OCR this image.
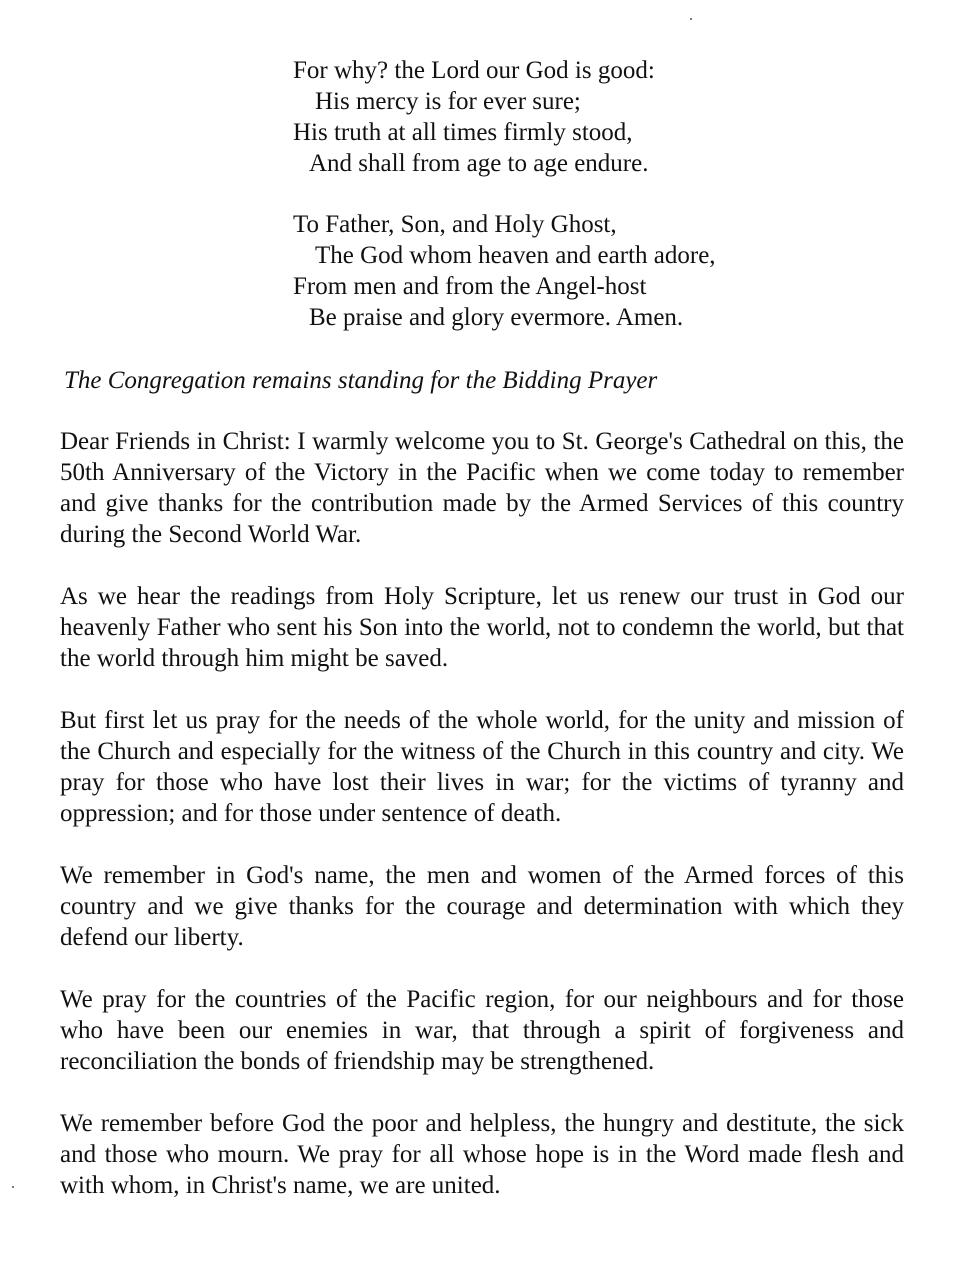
For why? the Lord our God is good:
His mercy is for ever sure;
His truth at all times firmly stood,
And shall from age to age endure.
To Father, Son, and Holy Ghost,
The God whom heaven and earth adore,
From men and from the Angel-host
Be praise and glory evermore. Amen.
The Congregation remains standing for the Bidding Prayer

Dear Friends in Christ: I warmly welcome you to St. George's Cathedral on this, the 50th Anniversary of the Victory in the Pacific when we come today to remember and give thanks for the contribution made by the Armed Services of this country during the Second World War.

As we hear the readings from Holy Scripture, let us renew our trust in God our heavenly Father who sent his Son into the world, not to condemn the world, but that the world through him might be saved.

But first let us pray for the needs of the whole world, for the unity and mission of the Church and especially for the witness of the Church in this country and city. We pray for those who have lost their lives in war; for the victims of tyranny and oppression; and for those under sentence of death.

We remember in God's name, the men and women of the Armed forces of this country and we give thanks for the courage and determination with which they defend our liberty.

We pray for the countries of the Pacific region, for our neighbours and for those who have been our enemies in war, that through a spirit of forgiveness and reconciliation the bonds of friendship may be strengthened.

We remember before God the poor and helpless, the hungry and destitute, the sick and those who mourn. We pray for all whose hope is in the Word made flesh and with whom, in Christ's name, we are united.
